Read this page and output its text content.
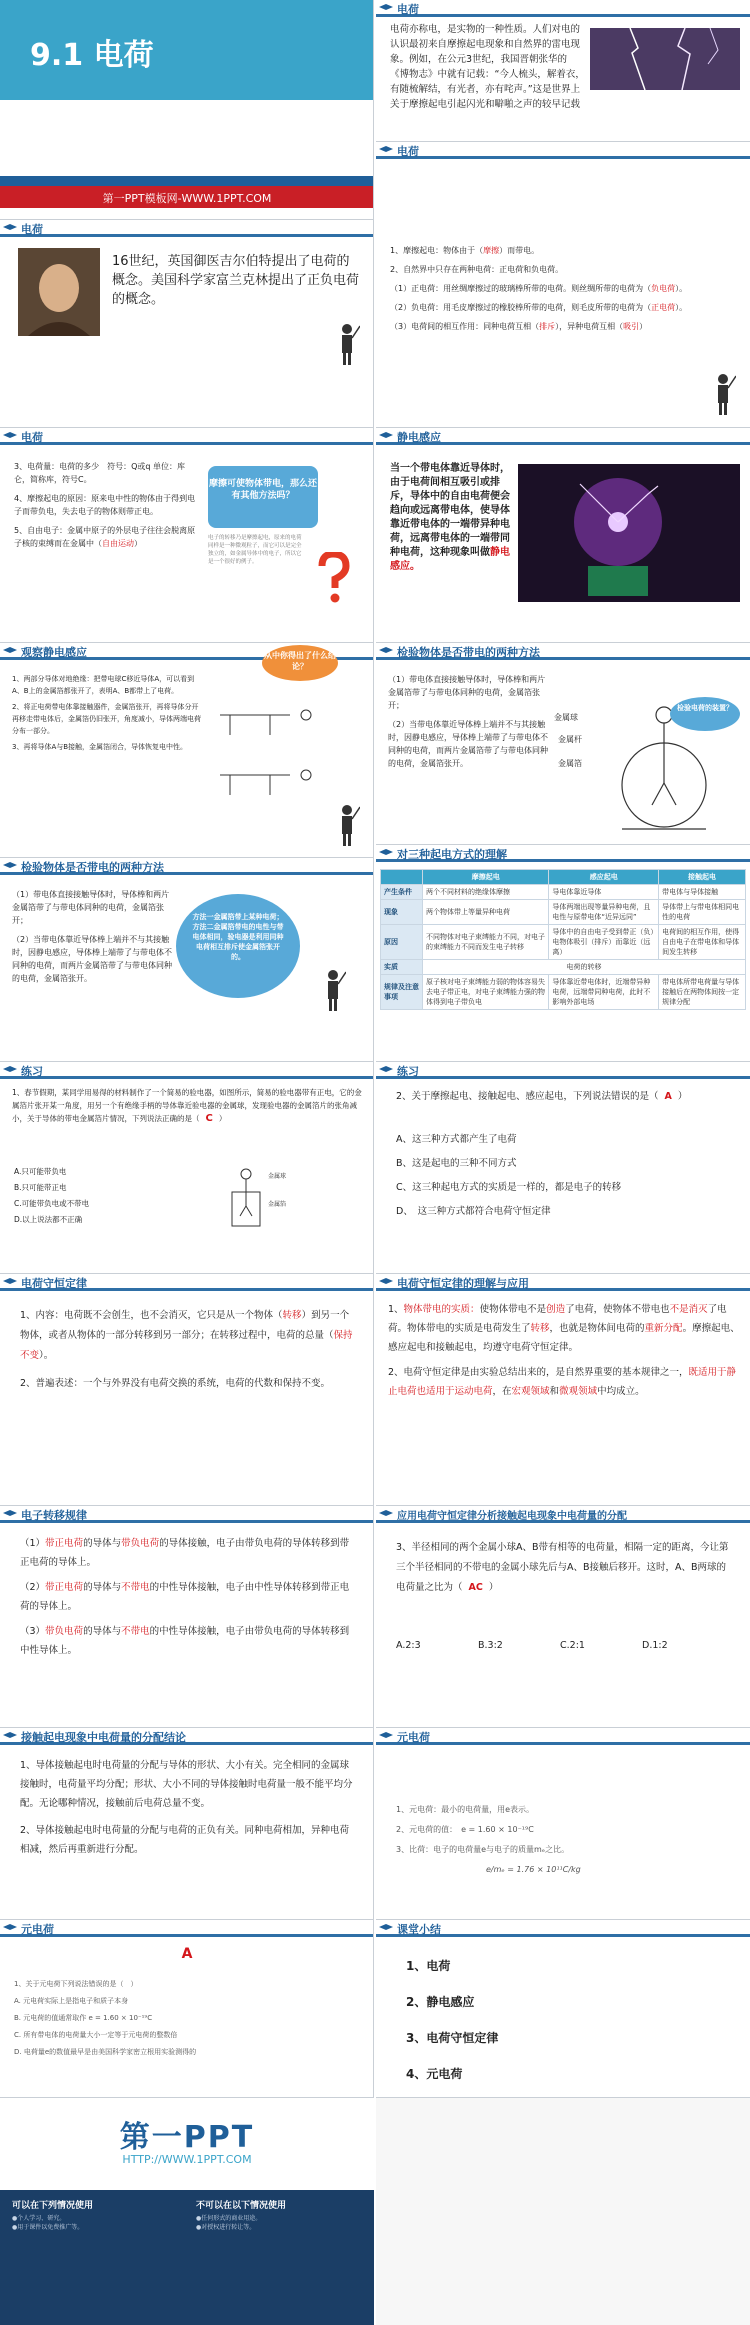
9.1 电荷
第一PPT模板网-WWW.1PPT.COM
电荷
电荷亦称电，是实物的一种性质。人们对电的认识最初来自摩擦起电现象和自然界的雷电现象。例如，在公元3世纪，我国晋朝张华的《博物志》中就有记载：“今人梳头，解着衣，有随梳解结，有光者，亦有咤声。”这是世界上关于摩擦起电引起闪光和噼啪之声的较早记载
电荷
16世纪，英国御医吉尔伯特提出了电荷的概念。美国科学家富兰克林提出了正负电荷的概念。
电荷
1、摩擦起电：物体由于（摩擦）而带电。
2、自然界中只存在两种电荷：正电荷和负电荷。
（1）正电荷：用丝绸摩擦过的玻璃棒所带的电荷。则丝绸所带的电荷为（负电荷）。
（2）负电荷：用毛皮摩擦过的橡胶棒所带的电荷，则毛皮所带的电荷为（正电荷）。
（3）电荷间的相互作用：同种电荷互相（排斥），异种电荷互相（吸引）
电荷
3、电荷量：电荷的多少　符号：Q或q 单位：库仑，简称库，符号C。
4、摩擦起电的原因：原来电中性的物体由于得到电子而带负电，失去电子的物体则带正电。
5、自由电子：金属中原子的外层电子往往会脱离原子核的束缚而在金属中（自由运动）
摩擦可使物体带电，那么还有其他方法吗？
电子的转移乃是摩擦起电，原来的电荷同样是一种微观粒子，而它可以是完全独立的，如金属导体中的电子，所以它是一个很好的例子。
静电感应
当一个带电体靠近导体时，由于电荷间相互吸引或排斥，导体中的自由电荷便会趋向或远离带电体，使导体靠近带电体的一端带异种电荷，远离带电体的一端带同种电荷，这种现象叫做静电感应。
观察静电感应
1、两部分导体对地绝缘：把带电球C移近导体A，可以看到A、B上的金属箔都张开了，表明A、B都带上了电荷。
2、将正电荷带电体靠接触器件，金属箔张开，再将导体分开再移走带电体后，金属箔仍旧张开，角度减小，导体两端电荷分布一部分。
3、再将导体A与B接触，金属箔闭合，导体恢复电中性。
从中你得出了什么结论？
检验物体是否带电的两种方法
（1）带电体直接接触导体时，导体棒和两片金属箔带了与带电体同种的电荷，金属箔张开；
（2）当带电体靠近导体棒上端并不与其接触时，因静电感应，导体棒上端带了与带电体不同种的电荷，而两片金属箔带了与带电体同种的电荷，金属箔张开。
金属球
金属杆
金属箔
检验电荷的装置？
检验物体是否带电的两种方法
（1）带电体直接接触导体时，导体棒和两片金属箔带了与带电体同种的电荷，金属箔张开；
（2）当带电体靠近导体棒上端并不与其接触时，因静电感应，导体棒上端带了与带电体不同种的电荷，而两片金属箔带了与带电体同种的电荷，金属箔张开。
方法一金属箔带上某种电荷；方法二金属箔带电的电性与带电体相同，验电器是利用同种电荷相互排斥使金属箔张开的。
对三种起电方式的理解
	摩擦起电	感应起电	接触起电
产生条件	两个不同材料的绝缘体摩擦	导电体靠近导体	带电体与导体接触
现象	两个物体带上等量异种电荷	导体两端出现等量异种电荷，且电性与原带电体“近异远同”	导体带上与带电体相同电性的电荷
原因	不同物体对电子束缚能力不同，对电子的束缚能力不同而发生电子转移	导体中的自由电子受到带正（负）电物体吸引（排斥）而靠近（远离）	电荷间的相互作用，使得自由电子在带电体和导体间发生转移
实质	电荷的转移		
规律及注意事项	原子核对电子束缚能力弱的物体容易失去电子带正电，对电子束缚能力强的物体得到电子带负电	导体靠近带电体时，近端带异种电荷，远端带同种电荷，此时不影响外部电场	带电体所带电荷量与导体接触后在两物体间按一定规律分配
练习
1、春节假期，某同学用易得的材料制作了一个简易的验电器，如图所示，简易的验电器带有正电，它的金属箔片张开某一角度，用另一个有绝缘手柄的导体靠近验电器的金属球，发现验电器的金属箔片的张角减小，关于导体的带电金属箔片情况，下列说法正确的是（ C ）
A.只可能带负电
B.只可能带正电
C.可能带负电或不带电
D.以上说法都不正确
金属球
金属箔
练习
2、关于摩擦起电、接触起电、感应起电，下列说法错误的是（ A ）
A、这三种方式都产生了电荷
B、这是起电的三种不同方式
C、这三种起电方式的实质是一样的，都是电子的转移
D、　这三种方式都符合电荷守恒定律
电荷守恒定律
1、内容：电荷既不会创生，也不会消灭，它只是从一个物体（转移）到另一个物体，或者从物体的一部分转移到另一部分；在转移过程中，电荷的总量（保持不变）。
2、普遍表述：一个与外界没有电荷交换的系统，电荷的代数和保持不变。
电荷守恒定律的理解与应用
1、物体带电的实质：使物体带电不是创造了电荷，使物体不带电也不是消灭了电荷。物体带电的实质是电荷发生了转移，也就是物体间电荷的重新分配。摩擦起电、感应起电和接触起电，均遵守电荷守恒定律。
2、电荷守恒定律是由实验总结出来的，是自然界重要的基本规律之一，既适用于静止电荷也适用于运动电荷，在宏观领域和微观领域中均成立。
电子转移规律
（1）带正电荷的导体与带负电荷的导体接触，电子由带负电荷的导体转移到带正电荷的导体上。
（2）带正电荷的导体与不带电的中性导体接触，电子由中性导体转移到带正电荷的导体上。
（3）带负电荷的导体与不带电的中性导体接触，电子由带负电荷的导体转移到中性导体上。
应用电荷守恒定律分析接触起电现象中电荷量的分配
3、半径相同的两个金属小球A、B带有相等的电荷量，相隔一定的距离，今让第三个半径相同的不带电的金属小球先后与A、B接触后移开。这时，A、B两球的电荷量之比为（ AC ）
A.2:3	B.3:2	C.2:1	D.1:2
接触起电现象中电荷量的分配结论
1、导体接触起电时电荷量的分配与导体的形状、大小有关。完全相同的金属球接触时，电荷量平均分配；形状、大小不同的导体接触时电荷量一般不能平均分配。无论哪种情况，接触前后电荷总量不变。
2、导体接触起电时电荷量的分配与电荷的正负有关。同种电荷相加，异种电荷相减，然后再重新进行分配。
元电荷
1、元电荷：最小的电荷量，用e表示。
2、元电荷的值：　e = 1.60 × 10⁻¹⁹C
3、比荷：电子的电荷量e与电子的质量mₑ之比。
e/mₑ = 1.76 × 10¹¹C/kg
元电荷
A
1、关于元电荷下列说法错误的是（　）
A. 元电荷实际上是指电子和质子本身
B. 元电荷的值通常取作 e = 1.60 × 10⁻¹⁹C
C. 所有带电体的电荷量大小一定等于元电荷的整数倍
D. 电荷量e的数值最早是由美国科学家密立根用实验测得的
课堂小结
1、电荷
2、静电感应
3、电荷守恒定律
4、元电荷
第一PPT
HTTP://WWW.1PPT.COM
可以在下列情况使用	不可以在以下情况使用
●个人学习、研究。
●用于课件以免费推广等。
●任何形式的商业用途。
●对授权进行转让等。
